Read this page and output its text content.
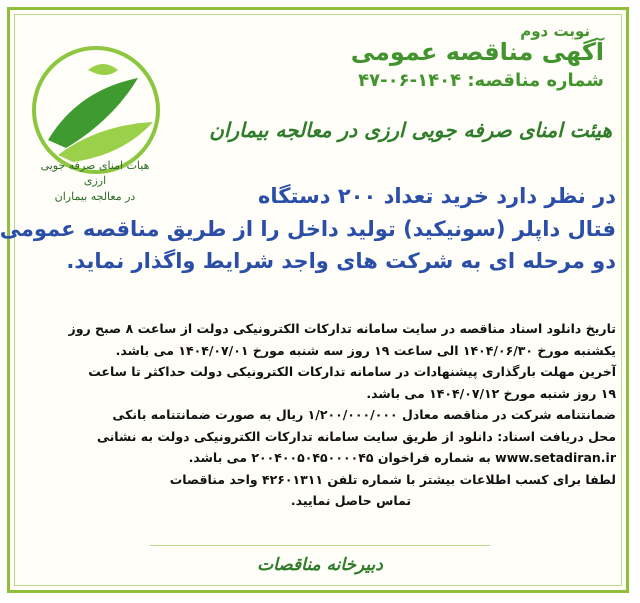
هیات امنای صرفه جویی ارزی
در معالجه بیماران
نوبت دوم
آگهی مناقصه عمومی
شماره مناقصه: ۱۴۰۴-۰۶-۴۷
هیئت امنای صرفه جویی ارزی در معالجه بیماران
در نظر دارد خرید تعداد ۲۰۰ دستگاه
فتال داپلر (سونیکید) تولید داخل را از طریق مناقصه عمومی
دو مرحله ای به شرکت های واجد شرایط واگذار نماید.
تاریخ دانلود اسناد مناقصه در سایت سامانه تدارکات الکترونیکی دولت از ساعت ۸ صبح روز
یکشنبه مورخ ۱۴۰۴/۰۶/۳۰ الی ساعت ۱۹ روز سه شنبه مورخ ۱۴۰۴/۰۷/۰۱ می باشد.
آخرین مهلت بارگذاری پیشنهادات در سامانه تدارکات الکترونیکی دولت حداکثر تا ساعت
۱۹ روز شنبه مورخ ۱۴۰۴/۰۷/۱۲ می باشد.
ضمانتنامه شرکت در مناقصه معادل ۱/۲۰۰/۰۰۰/۰۰۰ ریال به صورت ضمانتنامه بانکی
محل دریافت اسناد: دانلود از طریق سایت سامانه تدارکات الکترونیکی دولت به نشانی
www.setadiran.ir به شماره فراخوان ۲۰۰۴۰۰۵۰۴۵۰۰۰۰۴۵ می باشد.
لطفا برای کسب اطلاعات بیشتر با شماره تلفن ۴۲۶۰۱۳۱۱ واحد مناقصات
تماس حاصل نمایید.
دبیرخانه مناقصات
